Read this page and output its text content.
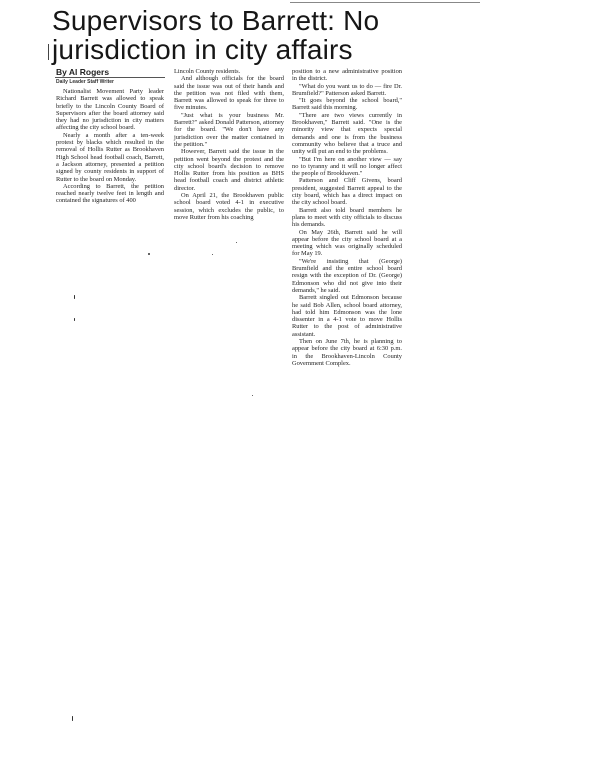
Supervisors to Barrett: No
jurisdiction in city affairs
By Al Rogers
Daily Leader Staff Writer

Nationalist Movement Party leader Richard Barrett was allowed to speak briefly to the Lincoln County Board of Supervisors after the board attorney said they had no jurisdiction in city matters affecting the city school board.

Nearly a month after a ten-week protest by blacks which resulted in the removal of Hollis Rutter as Brookhaven High School head football coach, Barrett, a Jackson attorney, presented a petition signed by county residents in support of Rutter to the board on Monday.

According to Barrett, the petition reached nearly twelve feet in length and contained the signatures of 400

Lincoln County residents.

And although officials for the board said the issue was out of their hands and the petition was not filed with them, Barrett was allowed to speak for three to five minutes.

"Just what is your business Mr. Barrett?" asked Donald Patterson, attorney for the board. "We don't have any jurisdiction over the matter contained in the petition."

However, Barrett said the issue in the petition went beyond the protest and the city school board's decision to remove Hollis Rutter from his position as BHS head football coach and district athletic director.

On April 21, the Brookhaven public school board voted 4-1 in executive session, which excludes the public, to move Rutter from his coaching

position to a new administrative position in the district.

"What do you want us to do — fire Dr. Brumfield?" Patterson asked Barrett.

"It goes beyond the school board," Barrett said this morning.

"There are two views currently in Brookhaven," Barrett said. "One is the minority view that expects special demands and one is from the business community who believe that a truce and unity will put an end to the problems.

"But I'm here on another view — say no to tyranny and it will no longer affect the people of Brookhaven."

Patterson and Cliff Givens, board president, suggested Barrett appeal to the city board, which has a direct impact on the city school board.

Barrett also told board members he plans to meet with city officials to discuss his demands.

On May 26th, Barrett said he will appear before the city school board at a meeting which was originally scheduled for May 19.

"We're insisting that (George) Brumfield and the entire school board resign with the exception of Dr. (George) Edmonson who did not give into their demands," he said.

Barrett singled out Edmonson because he said Bob Allen, school board attorney, had told him Edmonson was the lone dissenter in a 4-1 vote to move Hollis Rutter to the post of administrative assistant.

Then on June 7th, he is planning to appear before the city board at 6:30 p.m. in the Brookhaven-Lincoln County Government Complex.
